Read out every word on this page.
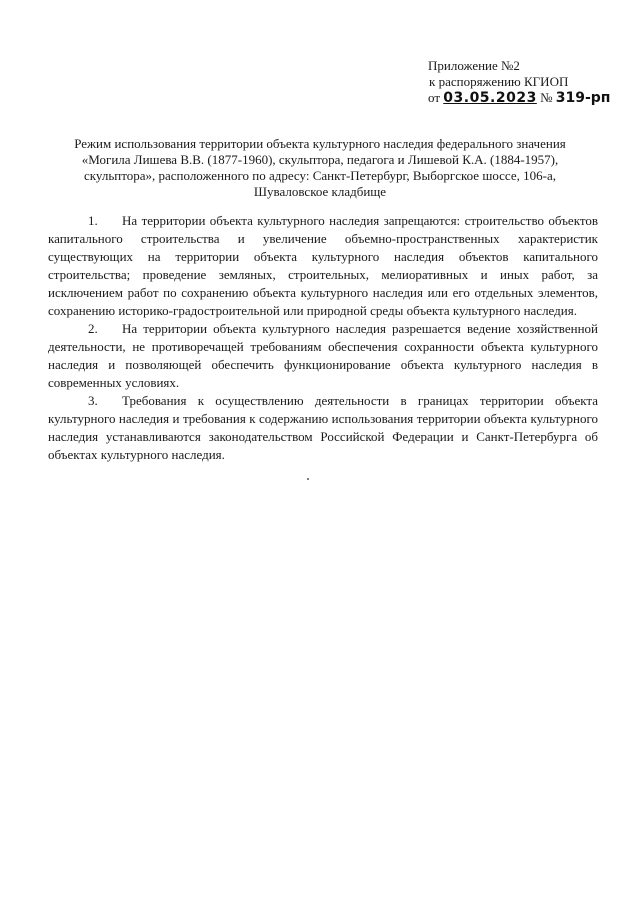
Приложение №2
к распоряжению КГИОП
от 03.05.2023 № 319-рп
Режим использования территории объекта культурного наследия федерального значения
«Могила Лишева В.В. (1877-1960), скульптора, педагога и Лишевой К.А. (1884-1957),
скульптора», расположенного по адресу: Санкт-Петербург, Выборгское шоссе, 106-а,
Шуваловское кладбище

1. На территории объекта культурного наследия запрещаются: строительство объектов капитального строительства и увеличение объемно-пространственных характеристик существующих на территории объекта культурного наследия объектов капитального строительства; проведение земляных, строительных, мелиоративных и иных работ, за исключением работ по сохранению объекта культурного наследия или его отдельных элементов, сохранению историко-градостроительной или природной среды объекта культурного наследия.

2. На территории объекта культурного наследия разрешается ведение хозяйственной деятельности, не противоречащей требованиям обеспечения сохранности объекта культурного наследия и позволяющей обеспечить функционирование объекта культурного наследия в современных условиях.

3. Требования к осуществлению деятельности в границах территории объекта культурного наследия и требования к содержанию использования территории объекта культурного наследия устанавливаются законодательством Российской Федерации и Санкт-Петербурга об объектах культурного наследия.
